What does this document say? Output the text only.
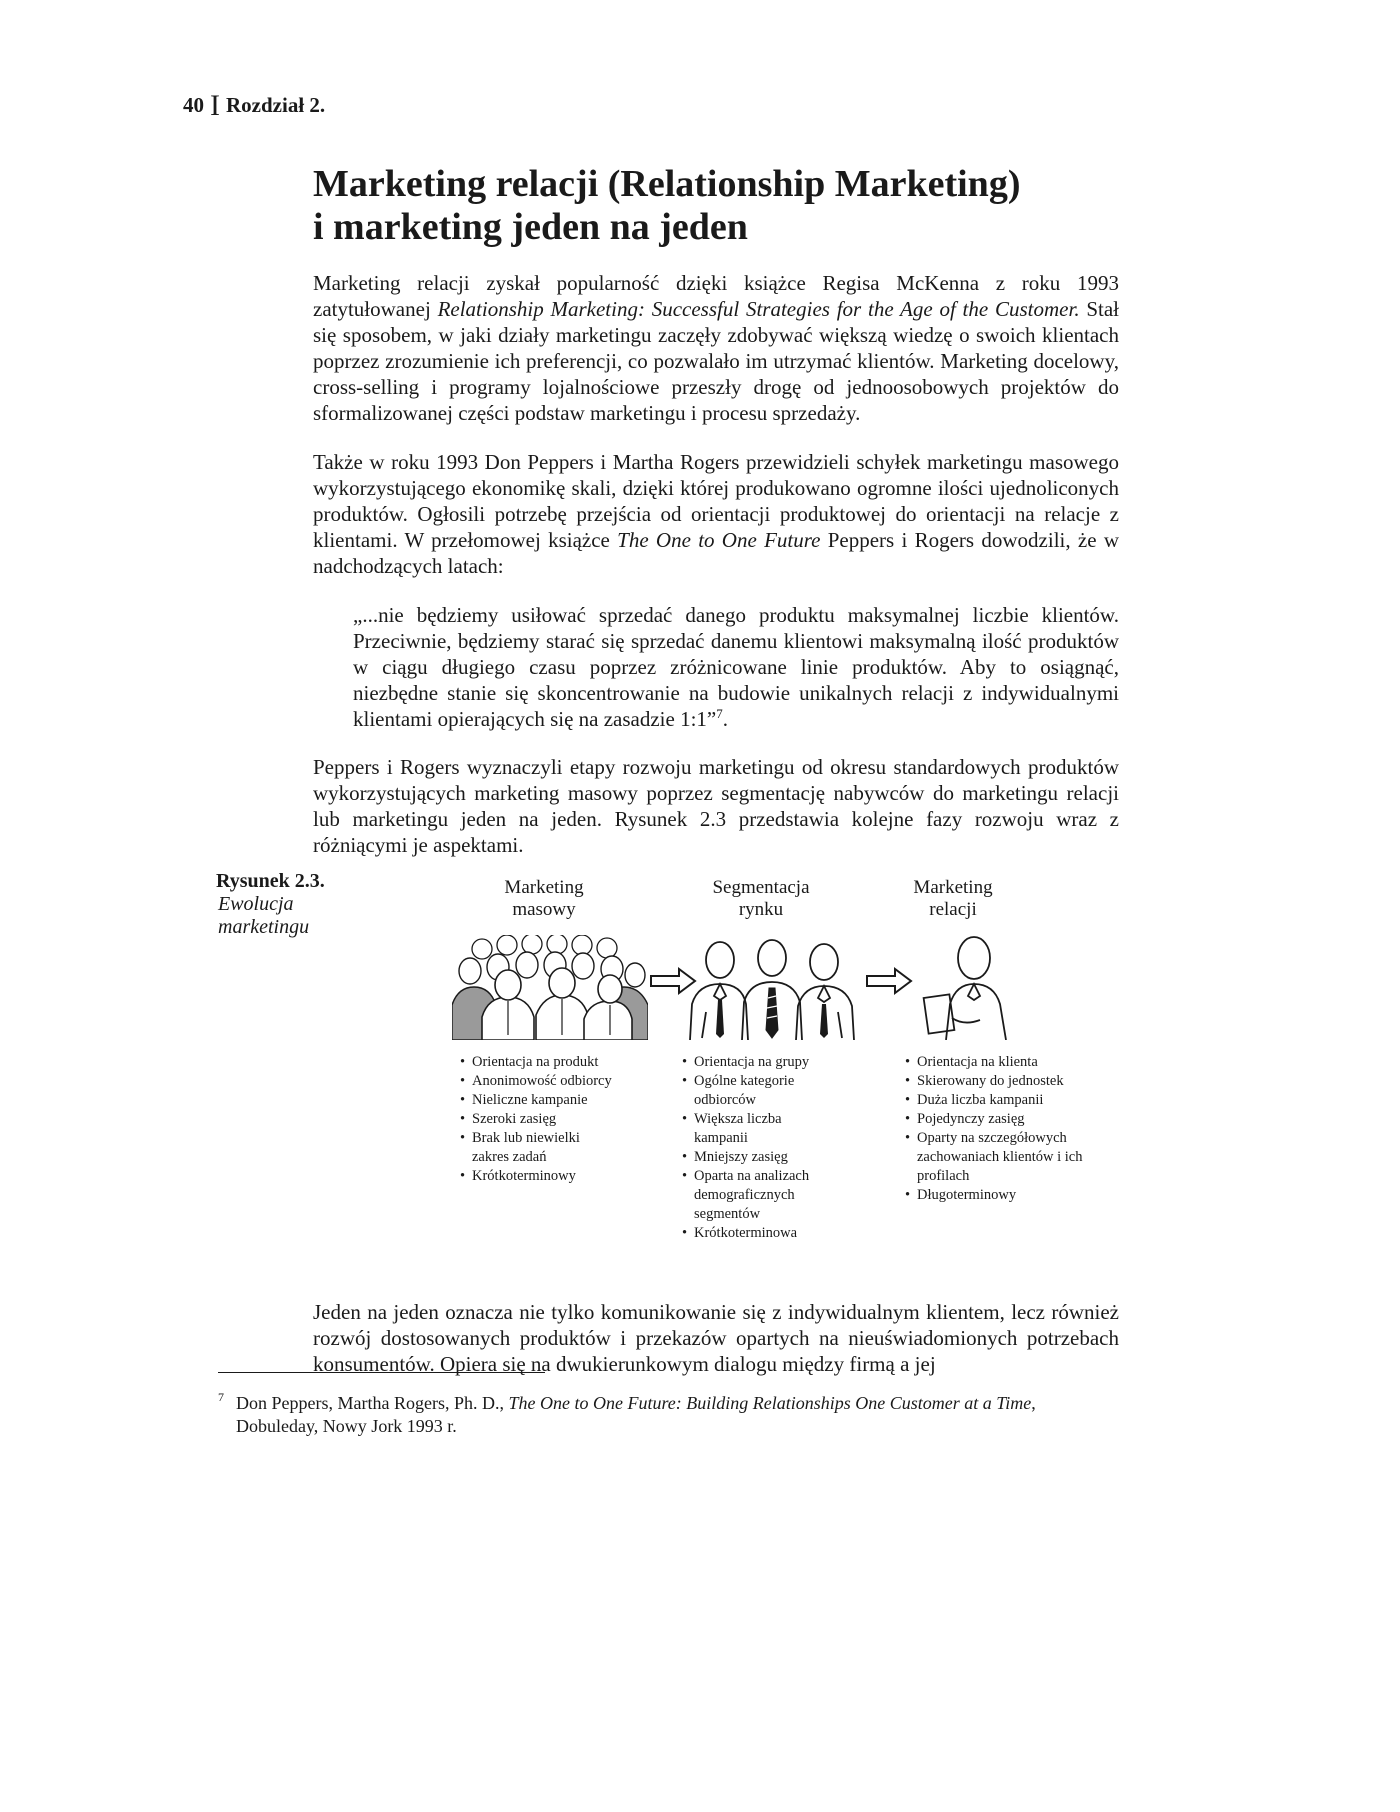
40 I Rozdział 2.
Marketing relacji (Relationship Marketing)
i marketing jeden na jeden

Marketing relacji zyskał popularność dzięki książce Regisa McKenna z roku 1993 zatytułowanej Relationship Marketing: Successful Strategies for the Age of the Customer. Stał się sposobem, w jaki działy marketingu zaczęły zdobywać większą wiedzę o swoich klientach poprzez zrozumienie ich preferencji, co pozwalało im utrzymać klientów. Marketing docelowy, cross-selling i programy lojalnościowe przeszły drogę od jednoosobowych projektów do sformalizowanej części podstaw marketingu i procesu sprzedaży.

Także w roku 1993 Don Peppers i Martha Rogers przewidzieli schyłek marketingu masowego wykorzystującego ekonomikę skali, dzięki której produkowano ogromne ilości ujednoliconych produktów. Ogłosili potrzebę przejścia od orientacji produktowej do orientacji na relacje z klientami. W przełomowej książce The One to One Future Peppers i Rogers dowodzili, że w nadchodzących latach:

„...nie będziemy usiłować sprzedać danego produktu maksymalnej liczbie klientów. Przeciwnie, będziemy starać się sprzedać danemu klientowi maksymalną ilość produktów w ciągu długiego czasu poprzez zróżnicowane linie produktów. Aby to osiągnąć, niezbędne stanie się skoncentrowanie na budowie unikalnych relacji z indywidualnymi klientami opierających się na zasadzie 1:1”$^7$.

Peppers i Rogers wyznaczyli etapy rozwoju marketingu od okresu standardowych produktów wykorzystujących marketing masowy poprzez segmentację nabywców do marketingu relacji lub marketingu jeden na jeden. Rysunek 2.3 przedstawia kolejne fazy rozwoju wraz z różniącymi je aspektami.

Rysunek 2.3.
Ewolucja
marketingu
Marketing
masowy
Segmentacja
rynku
Marketing
relacji
• Orientacja na produkt
• Anonimowość odbiorcy
• Nieliczne kampanie
• Szeroki zasięg
• Brak lub niewielki zakres zadań
• Krótkoterminowy
• Orientacja na grupy
• Ogólne kategorie odbiorców
• Większa liczba kampanii
• Mniejszy zasięg
• Oparta na analizach demograficznych segmentów
• Krótkoterminowa
• Orientacja na klienta
• Skierowany do jednostek
• Duża liczba kampanii
• Pojedynczy zasięg
• Oparty na szczegółowych zachowaniach klientów i ich profilach
• Długoterminowy

Jeden na jeden oznacza nie tylko komunikowanie się z indywidualnym klientem, lecz również rozwój dostosowanych produktów i przekazów opartych na nieuświadomionych potrzebach konsumentów. Opiera się na dwukierunkowym dialogu między firmą a jej

7 Don Peppers, Martha Rogers, Ph. D., The One to One Future: Building Relationships One Customer at a Time, Dobuleday, Nowy Jork 1993 r.
